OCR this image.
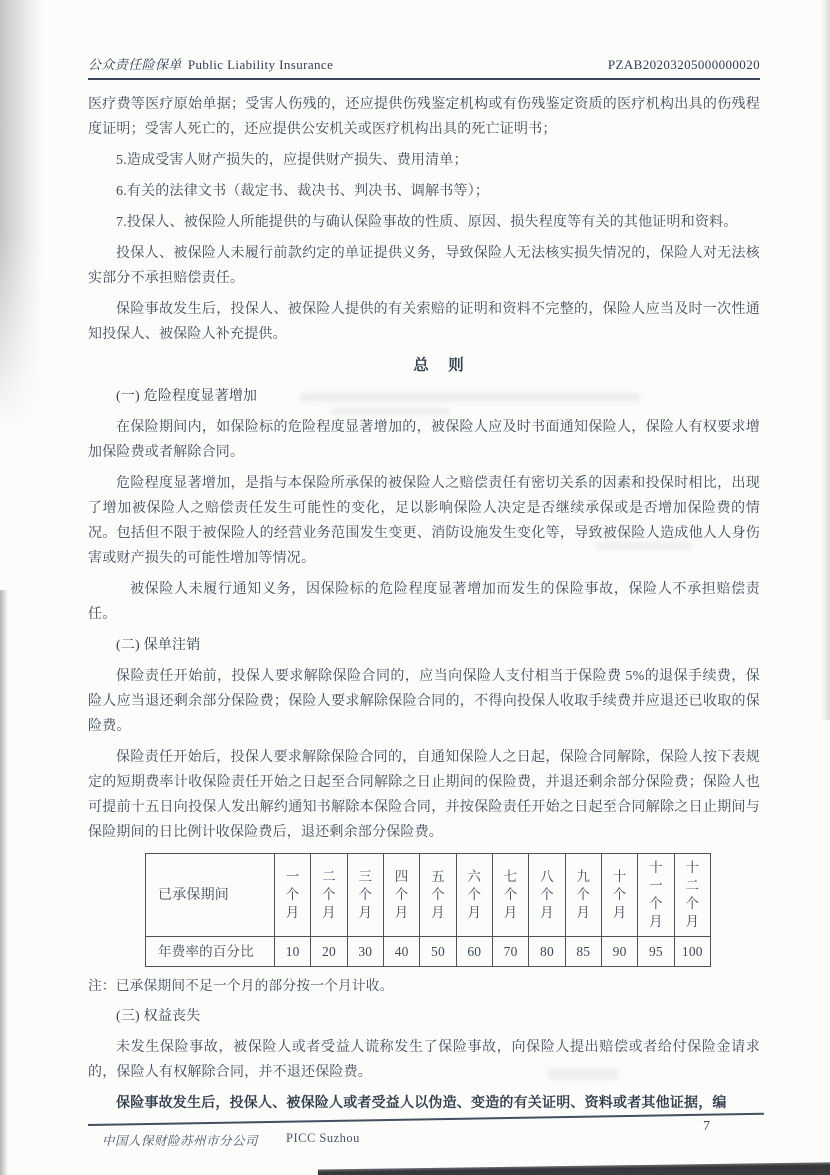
公众责任险保单 Public Liability Insurance	PZAB20203205000000020

医疗费等医疗原始单据；受害人伤残的，还应提供伤残鉴定机构或有伤残鉴定资质的医疗机构出具的伤残程度证明；受害人死亡的，还应提供公安机关或医疗机构出具的死亡证明书；

5.造成受害人财产损失的，应提供财产损失、费用清单；

6.有关的法律文书（裁定书、裁决书、判决书、调解书等）；

7.投保人、被保险人所能提供的与确认保险事故的性质、原因、损失程度等有关的其他证明和资料。

投保人、被保险人未履行前款约定的单证提供义务，导致保险人无法核实损失情况的，保险人对无法核实部分不承担赔偿责任。

保险事故发生后，投保人、被保险人提供的有关索赔的证明和资料不完整的，保险人应当及时一次性通知投保人、被保险人补充提供。

总　则

(一) 危险程度显著增加

在保险期间内，如保险标的危险程度显著增加的，被保险人应及时书面通知保险人，保险人有权要求增加保险费或者解除合同。

危险程度显著增加，是指与本保险所承保的被保险人之赔偿责任有密切关系的因素和投保时相比，出现了增加被保险人之赔偿责任发生可能性的变化，足以影响保险人决定是否继续承保或是否增加保险费的情况。包括但不限于被保险人的经营业务范围发生变更、消防设施发生变化等，导致被保险人造成他人人身伤害或财产损失的可能性增加等情况。

被保险人未履行通知义务，因保险标的危险程度显著增加而发生的保险事故，保险人不承担赔偿责任。

(二) 保单注销

保险责任开始前，投保人要求解除保险合同的，应当向保险人支付相当于保险费 5%的退保手续费，保险人应当退还剩余部分保险费；保险人要求解除保险合同的，不得向投保人收取手续费并应退还已收取的保险费。

保险责任开始后，投保人要求解除保险合同的，自通知保险人之日起，保险合同解除，保险人按下表规定的短期费率计收保险责任开始之日起至合同解除之日止期间的保险费，并退还剩余部分保险费；保险人也可提前十五日向投保人发出解约通知书解除本保险合同，并按保险责任开始之日起至合同解除之日止期间与保险期间的日比例计收保险费后，退还剩余部分保险费。

已承保期间	一个月	二个月	三个月	四个月	五个月	六个月	七个月	八个月	九个月	十个月	十一个月	十二个月

年费率的百分比	10	20	30	40	50	60	70	80	85	90	95	100

注：已承保期间不足一个月的部分按一个月计收。

(三) 权益丧失

未发生保险事故，被保险人或者受益人谎称发生了保险事故，向保险人提出赔偿或者给付保险金请求的，保险人有权解除合同，并不退还保险费。

保险事故发生后，投保人、被保险人或者受益人以伪造、变造的有关证明、资料或者其他证据，编

中国人保财险苏州市分公司 PICC Suzhou
7
